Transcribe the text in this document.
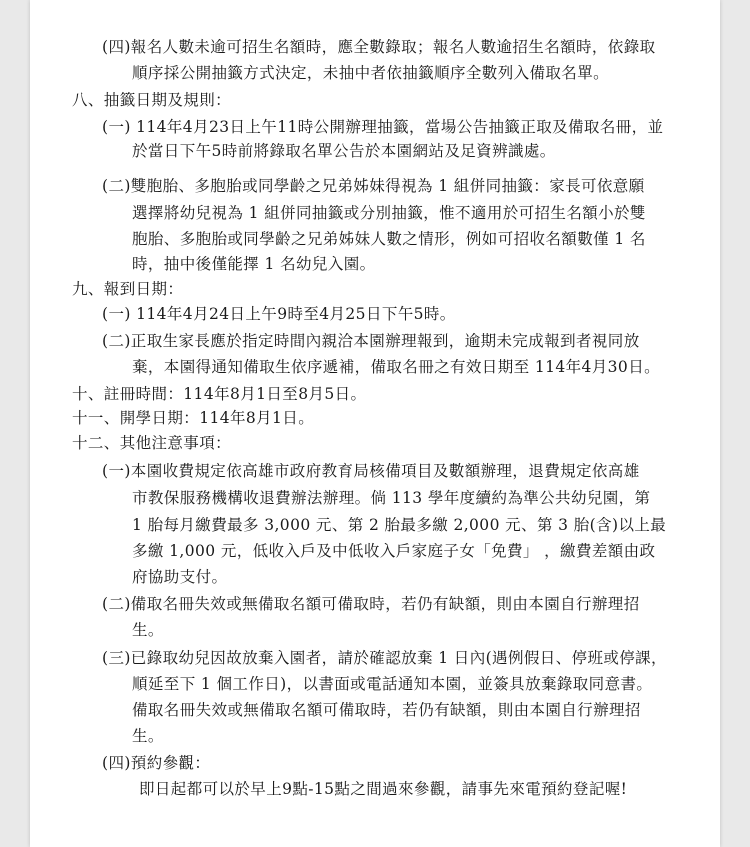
(四)報名人數未逾可招生名額時，應全數錄取；報名人數逾招生名額時，依錄取
順序採公開抽籤方式決定，未抽中者依抽籤順序全數列入備取名單。
八、抽籤日期及規則：
(一) 114年4月23日上午11時公開辦理抽籤，當場公告抽籤正取及備取名冊，並
於當日下午5時前將錄取名單公告於本園網站及足資辨識處。
(二)雙胞胎、多胞胎或同學齡之兄弟姊妹得視為 1 組併同抽籤：家長可依意願
選擇將幼兒視為 1 組併同抽籤或分別抽籤，惟不適用於可招生名額小於雙
胞胎、多胞胎或同學齡之兄弟姊妹人數之情形，例如可招收名額數僅 1 名
時，抽中後僅能擇 1 名幼兒入園。
九、報到日期：
(一) 114年4月24日上午9時至4月25日下午5時。
(二)正取生家長應於指定時間內親洽本園辦理報到，逾期未完成報到者視同放
棄，本園得通知備取生依序遞補，備取名冊之有效日期至 114年4月30日。
十、註冊時間：114年8月1日至8月5日。
十一、開學日期：114年8月1日。
十二、其他注意事項：
(一)本園收費規定依高雄市政府教育局核備項目及數額辦理，退費規定依高雄
市教保服務機構收退費辦法辦理。倘 113 學年度續約為準公共幼兒園，第
1 胎每月繳費最多 3,000 元、第 2 胎最多繳 2,000 元、第 3 胎(含)以上最
多繳 1,000 元，低收入戶及中低收入戶家庭子女「免費」 ，繳費差額由政
府協助支付。
(二)備取名冊失效或無備取名額可備取時，若仍有缺額，則由本園自行辦理招
生。
(三)已錄取幼兒因故放棄入園者，請於確認放棄 1 日內(遇例假日、停班或停課，
順延至下 1 個工作日)，以書面或電話通知本園，並簽具放棄錄取同意書。
備取名冊失效或無備取名額可備取時，若仍有缺額，則由本園自行辦理招
生。
(四)預約參觀：
即日起都可以於早上9點-15點之間過來參觀，請事先來電預約登記喔!
